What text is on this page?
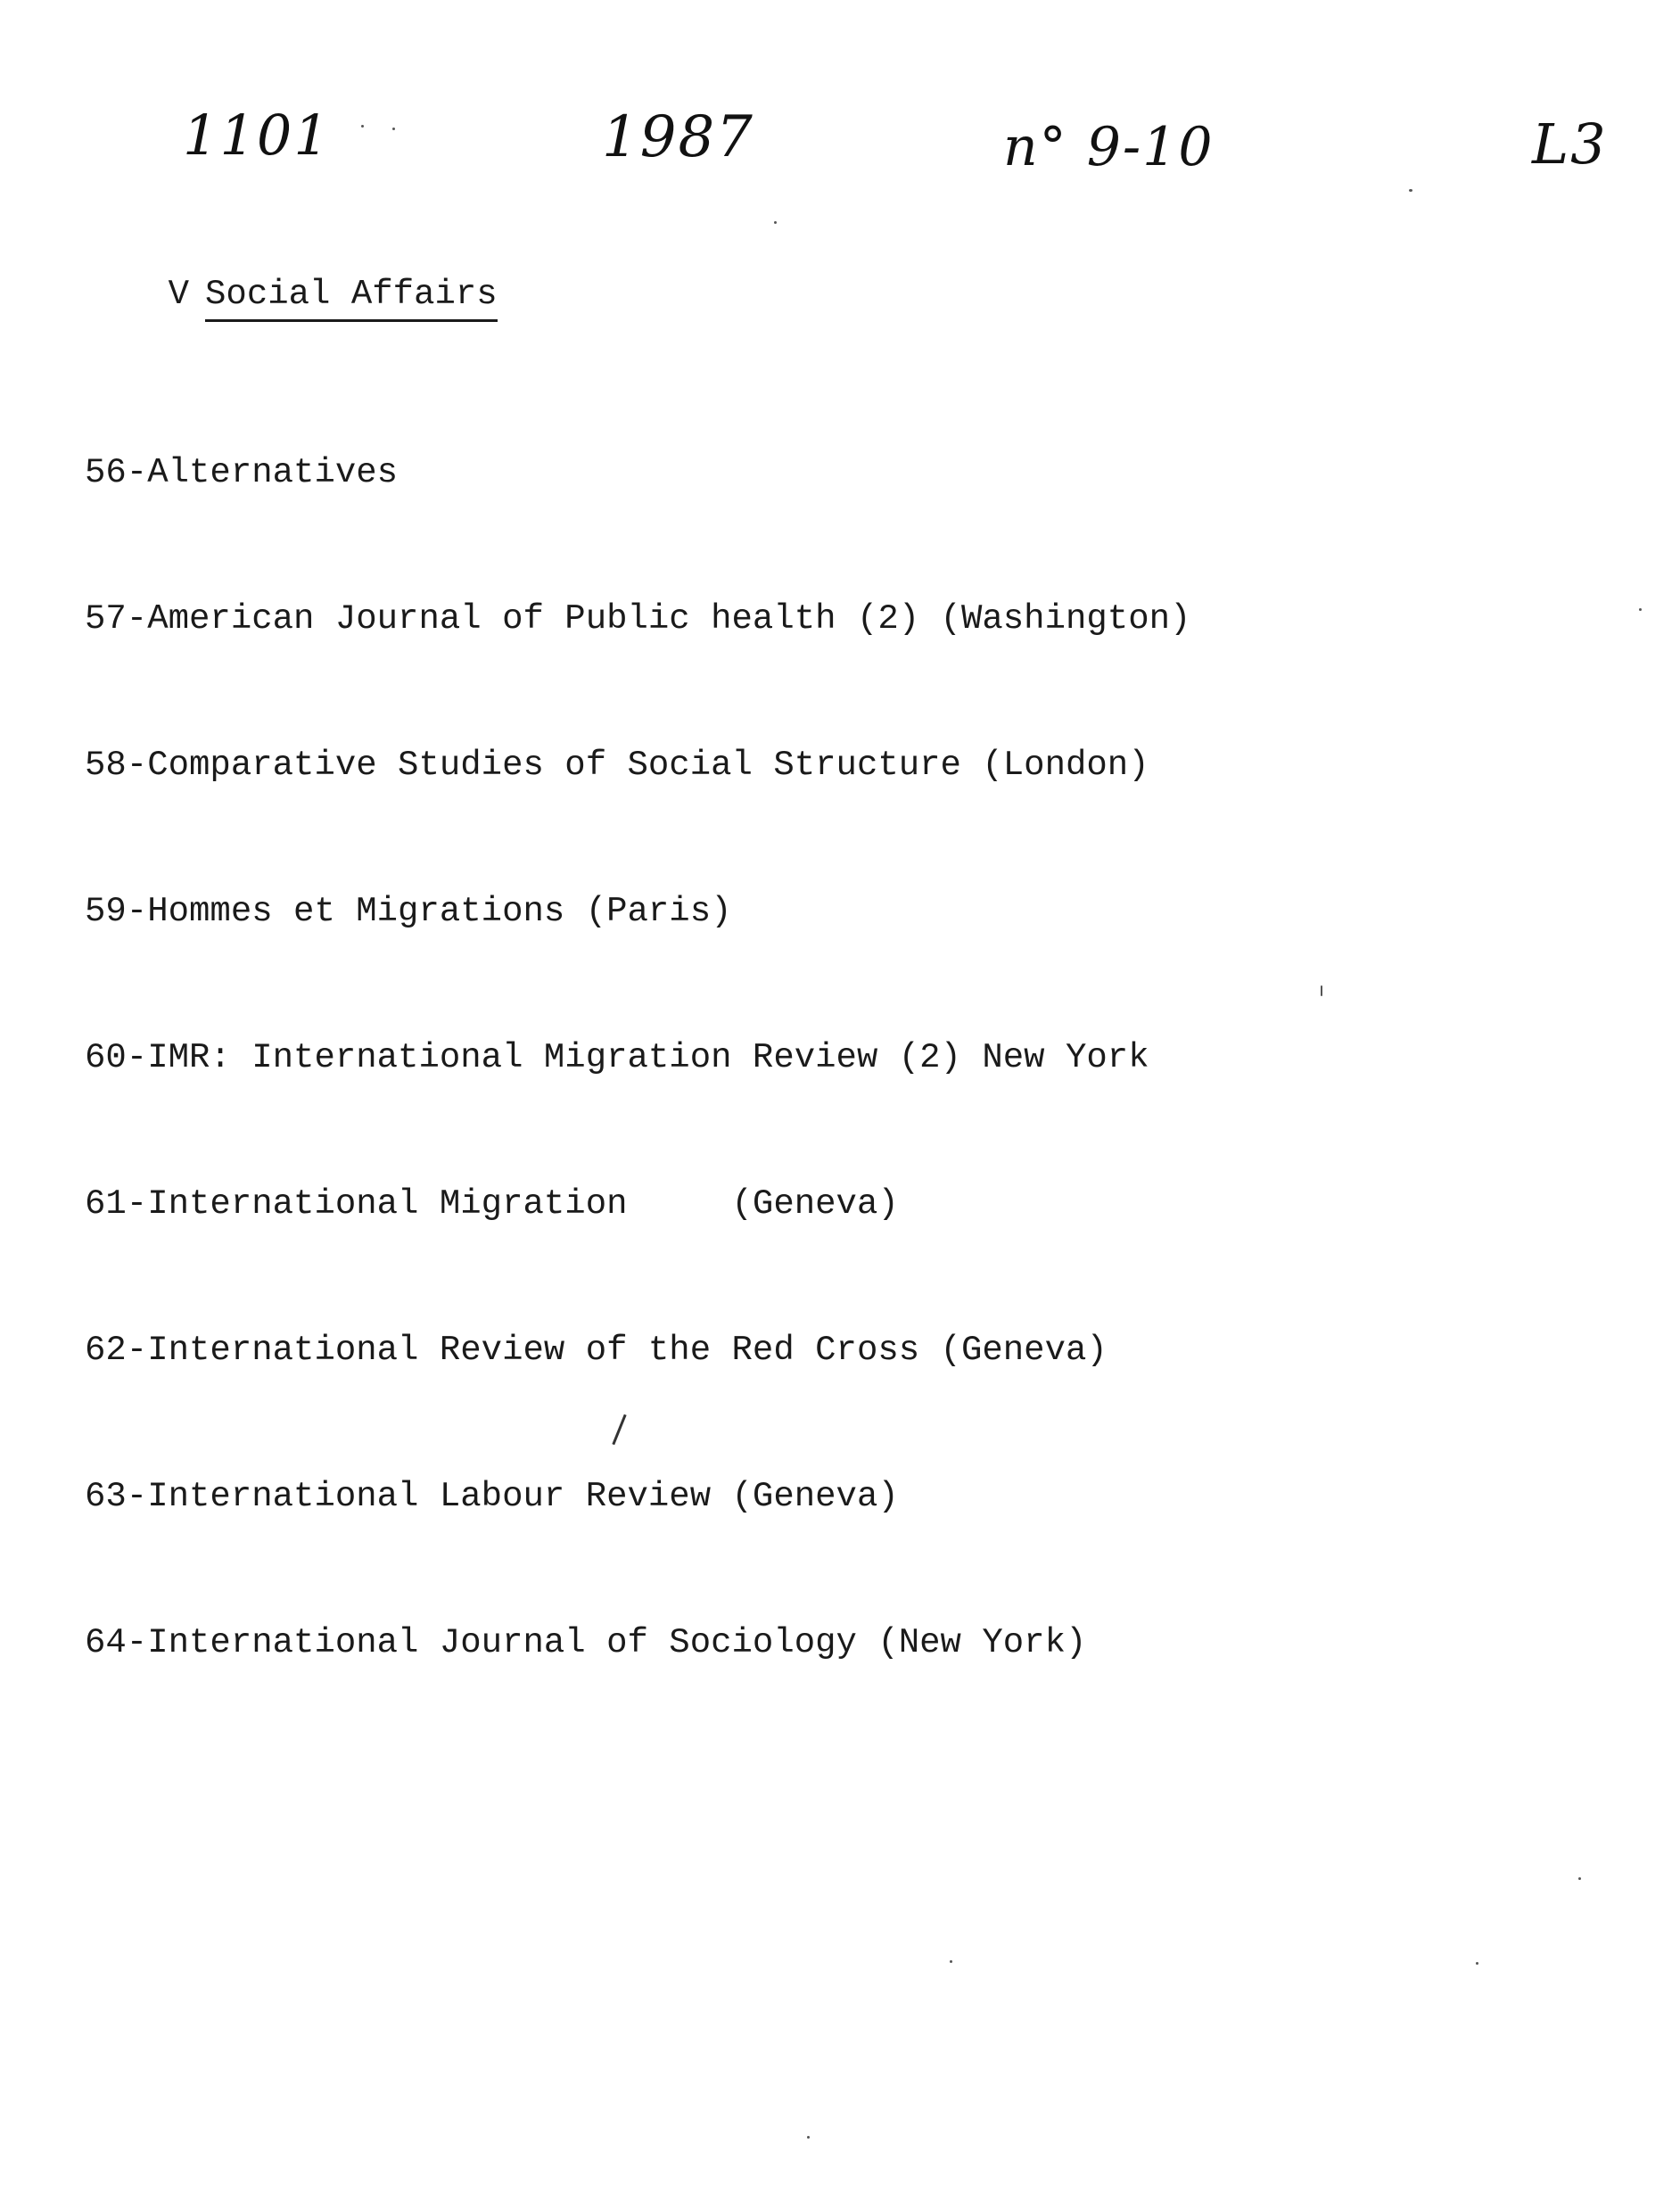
1101	1987	n° 9-10	L3

V Social Affairs

56-Alternatives

57-American Journal of Public health (2) (Washington)

58-Comparative Studies of Social Structure (London)

59-Hommes et Migrations (Paris)

60-IMR: International Migration Review (2) New York

61-International Migration     (Geneva)

62-International Review of the Red Cross (Geneva)

63-International Labour Review (Geneva)

64-International Journal of Sociology (New York)
